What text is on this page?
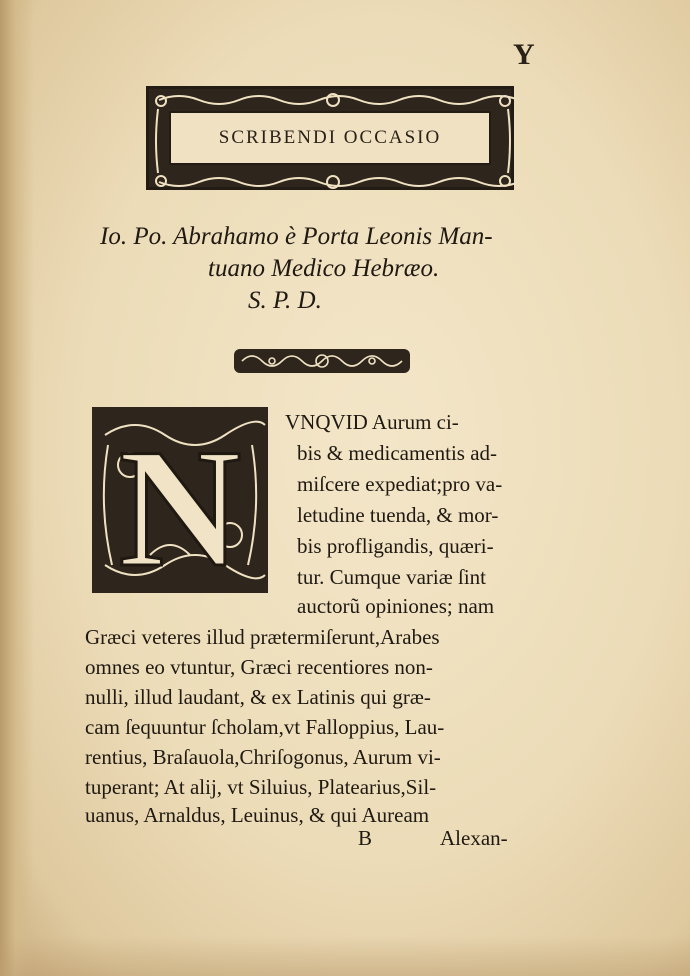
Y
SCRIBENDI OCCASIO
Io. Po. Abrahamo è Porta Leonis Man-
tuano Medico Hebræo.
S. P. D.
N VNQVID Aurum ci-
bis & medicamentis ad-
miſcere expediat;pro va-
letudine tuenda, & mor-
bis profligandis, quæri-
tur. Cumque variæ ſint
auctorũ opiniones; nam
Græci veteres illud prætermiſerunt,Arabes
omnes eo vtuntur, Græci recentiores non-
nulli, illud laudant, & ex Latinis qui græ-
cam ſequuntur ſcholam,vt Falloppius, Lau-
rentius, Braſauola,Chriſogonus, Aurum vi-
tuperant; At alij, vt Siluius, Platearius,Sil-
uanus, Arnaldus, Leuinus, & qui Auream
B	Alexan-
